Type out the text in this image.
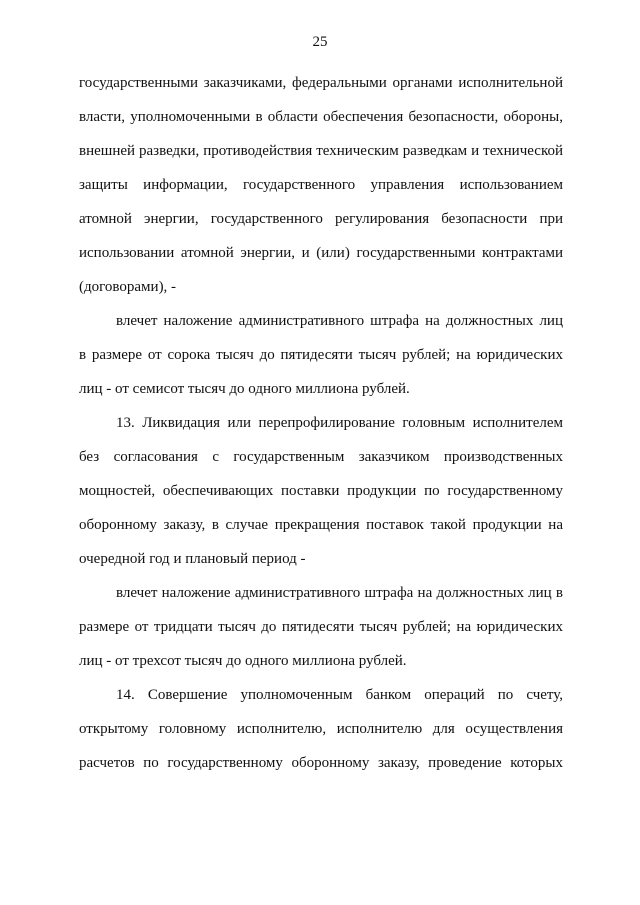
25
государственными заказчиками, федеральными органами исполнительной
власти, уполномоченными в области обеспечения безопасности, обороны,
внешней разведки, противодействия техническим разведкам и технической
защиты информации, государственного управления использованием
атомной энергии, государственного регулирования безопасности при
использовании атомной энергии, и (или) государственными контрактами
(договорами), -
влечет наложение административного штрафа на должностных лиц
в размере от сорока тысяч до пятидесяти тысяч рублей; на юридических
лиц - от семисот тысяч до одного миллиона рублей.
13. Ликвидация или перепрофилирование головным исполнителем
без согласования с государственным заказчиком производственных
мощностей, обеспечивающих поставки продукции по государственному
оборонному заказу, в случае прекращения поставок такой продукции на
очередной год и плановый период -
влечет наложение административного штрафа на должностных лиц в
размере от тридцати тысяч до пятидесяти тысяч рублей; на юридических
лиц - от трехсот тысяч до одного миллиона рублей.
14. Совершение уполномоченным банком операций по счету,
открытому головному исполнителю, исполнителю для осуществления
расчетов по государственному оборонному заказу, проведение которых
